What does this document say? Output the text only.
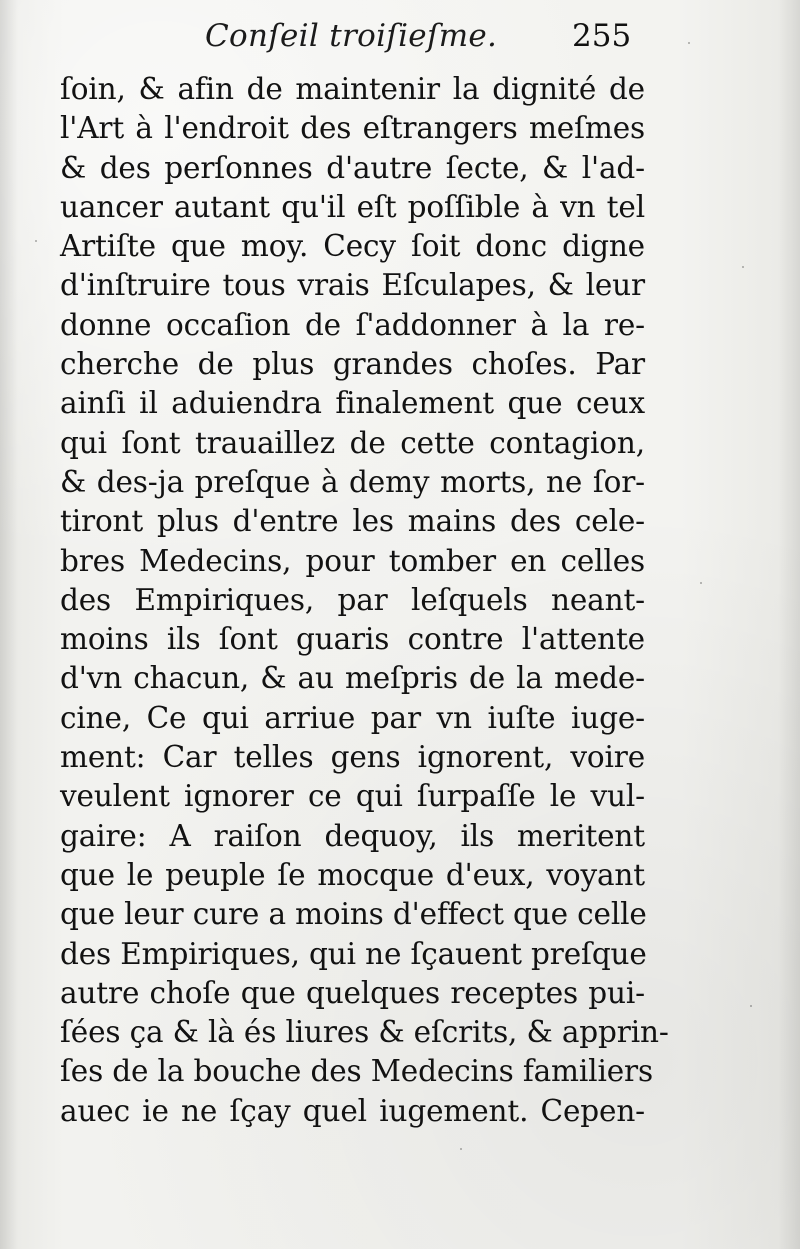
Conſeil troiſieſme. 255
ſoin, & afin de maintenir la dignité de
l'Art à l'endroit des eſtrangers meſmes
& des perſonnes d'autre ſecte, & l'ad-
uancer autant qu'il eſt poſſible à vn tel
Artiſte que moy. Cecy ſoit donc digne
d'inſtruire tous vrais Eſculapes, & leur
donne occaſion de ſ'addonner à la re-
cherche de plus grandes choſes. Par
ainſi il aduiendra finalement que ceux
qui ſont trauaillez de cette contagion,
& des-ja preſque à demy morts, ne ſor-
tiront plus d'entre les mains des cele-
bres Medecins, pour tomber en celles
des Empiriques, par leſquels neant-
moins ils ſont guaris contre l'attente
d'vn chacun, & au meſpris de la mede-
cine, Ce qui arriue par vn iuſte iuge-
ment: Car telles gens ignorent, voire
veulent ignorer ce qui ſurpaſſe le vul-
gaire: A raiſon dequoy, ils meritent
que le peuple ſe mocque d'eux, voyant
que leur cure a moins d'effect que celle
des Empiriques, qui ne ſçauent preſque
autre choſe que quelques receptes pui-
ſées ça & là és liures & eſcrits, & apprin-
ſes de la bouche des Medecins familiers
auec ie ne ſçay quel iugement. Cepen-
